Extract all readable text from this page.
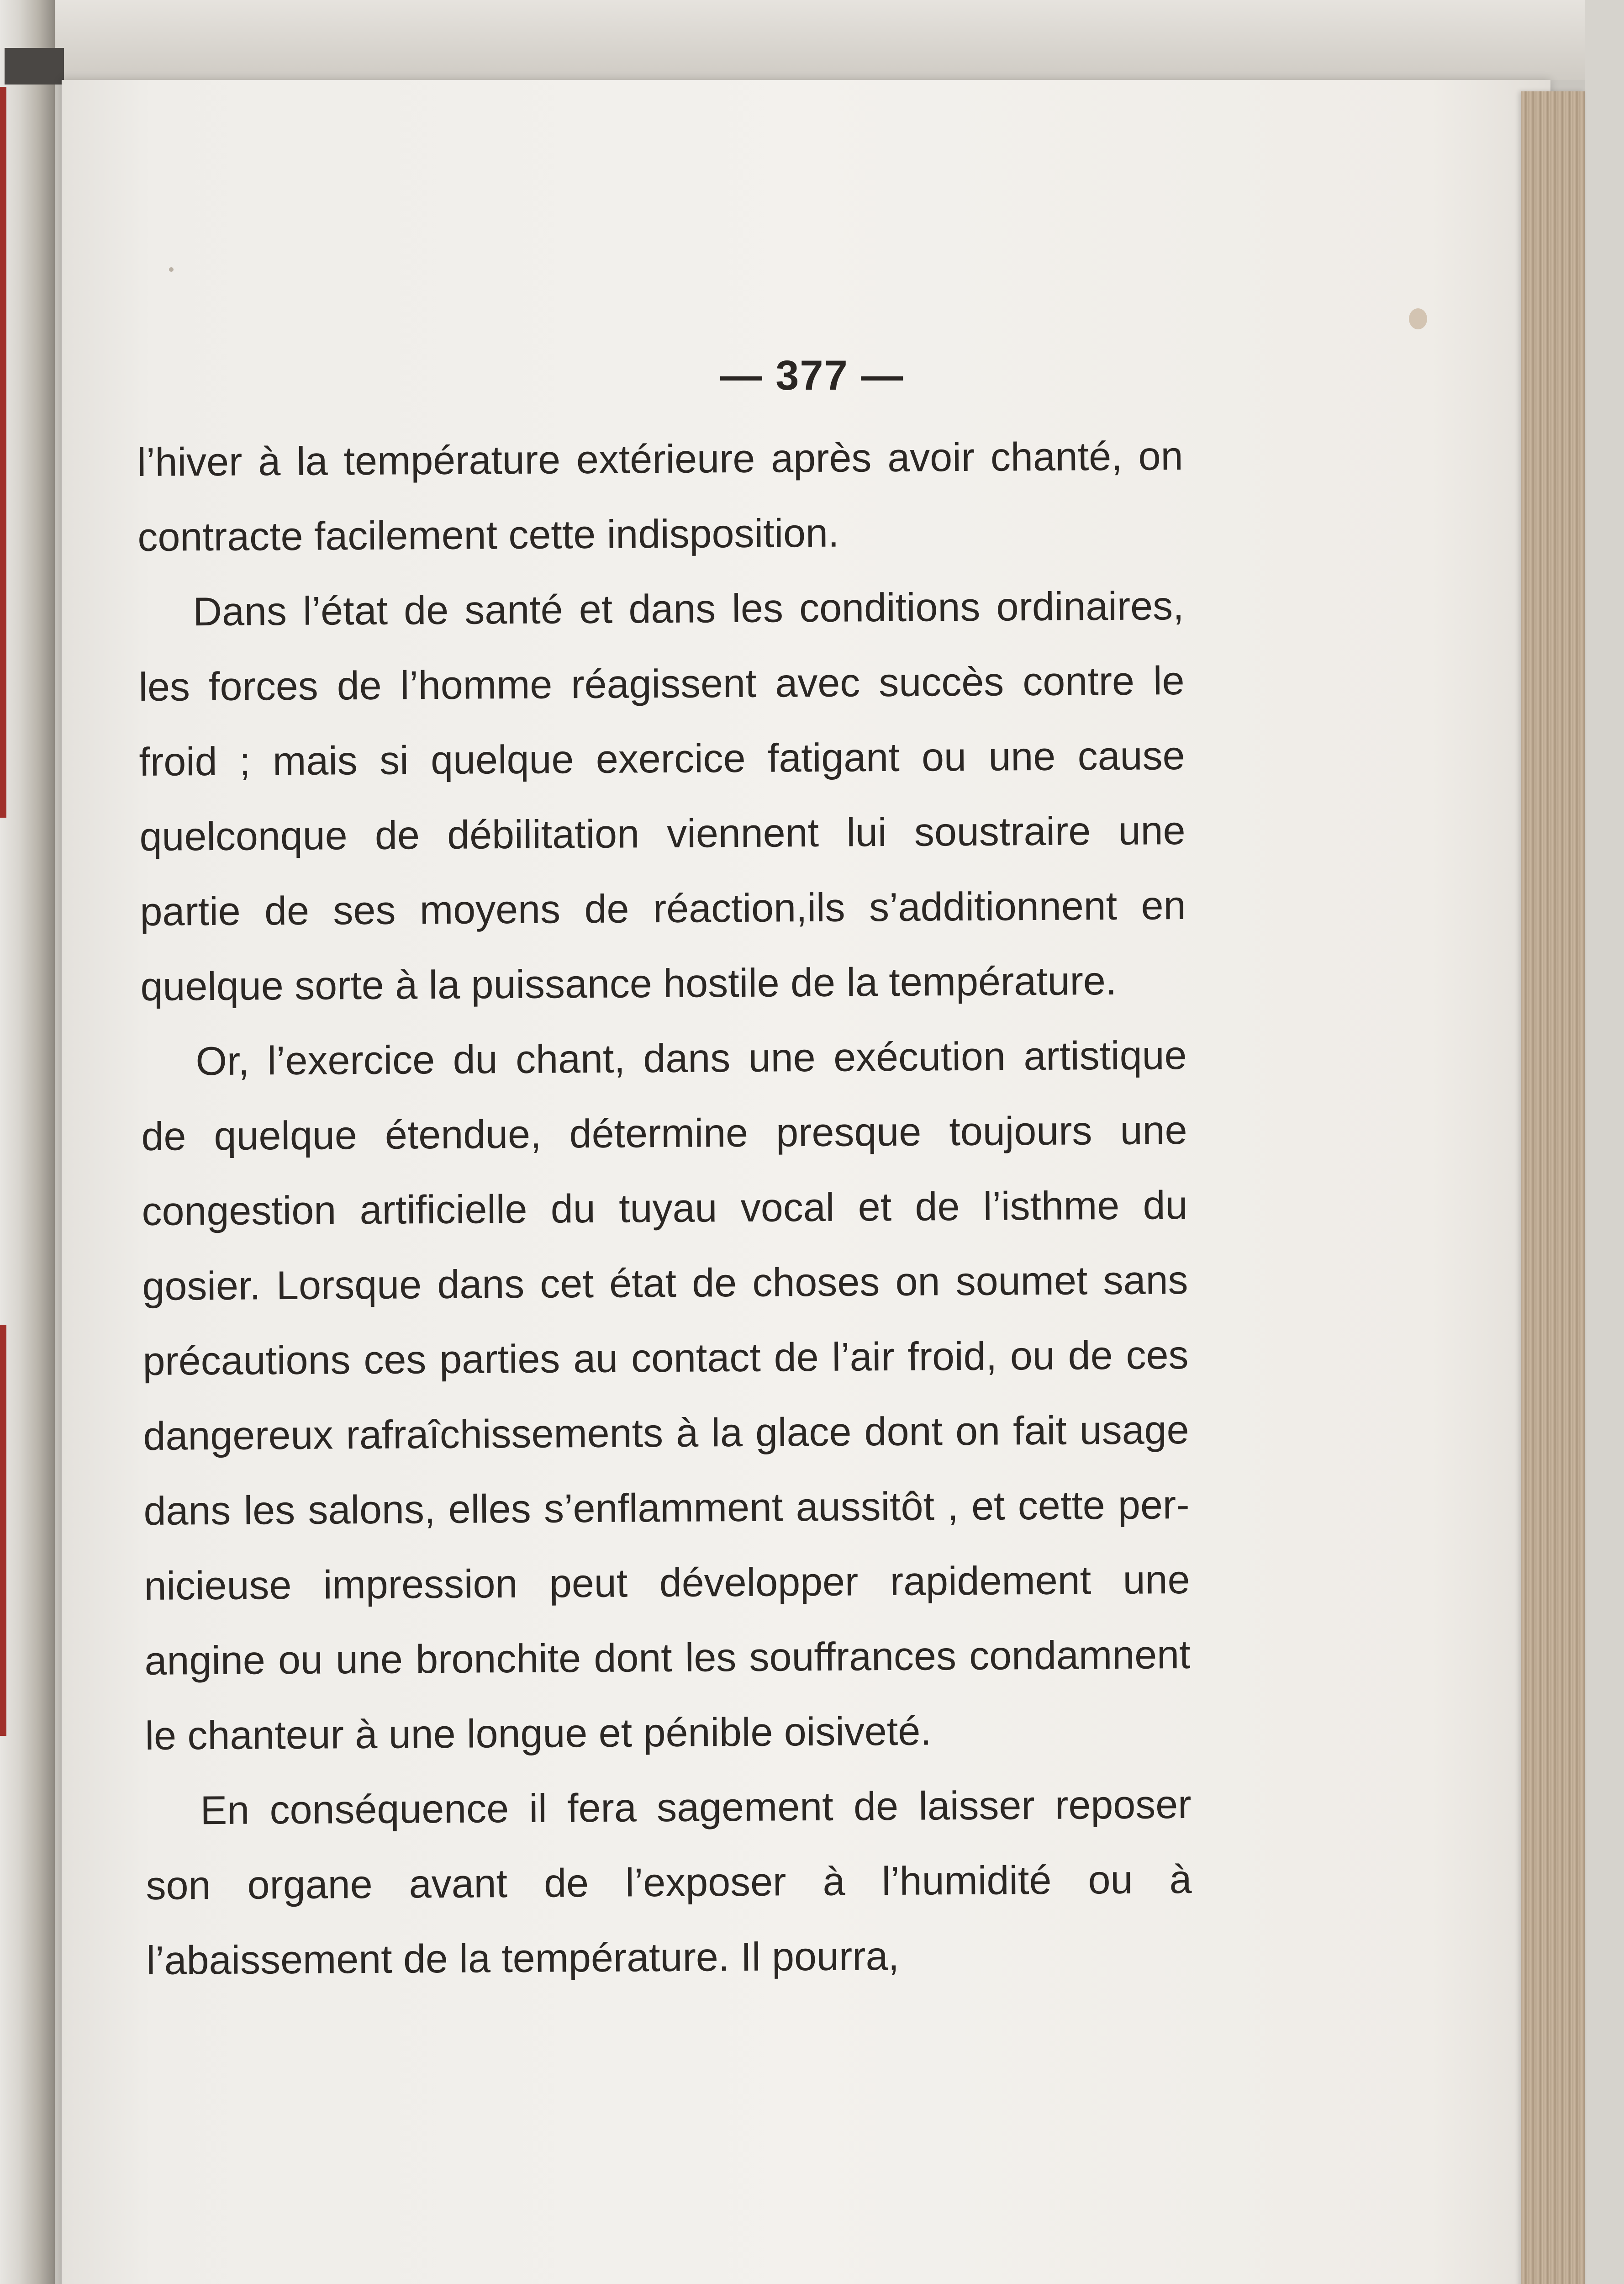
— 377 —

l’hiver à la température extérieure après avoir chanté, on contracte facilement cette indisposition.

Dans l’état de santé et dans les conditions ordinaires, les forces de l’homme réagissent avec succès contre le froid ; mais si quelque exercice fatigant ou une cause quelconque de débilitation viennent lui soustraire une partie de ses moyens de réaction,ils s’additionnent en quelque sorte à la puissance hostile de la température.

Or, l’exercice du chant, dans une exécution artistique de quelque étendue, détermine presque toujours une congestion artificielle du tuyau vocal et de l’isthme du gosier. Lorsque dans cet état de choses on soumet sans précautions ces parties au contact de l’air froid, ou de ces dangereux rafraîchissements à la glace dont on fait usage dans les salons, elles s’enflamment aussitôt , et cette pernicieuse impression peut développer rapidement une angine ou une bronchite dont les souffrances condamnent le chanteur à une longue et pénible oisiveté.

En conséquence il fera sagement de laisser reposer son organe avant de l’exposer à l’humidité ou à l’abaissement de la température. Il pourra,
